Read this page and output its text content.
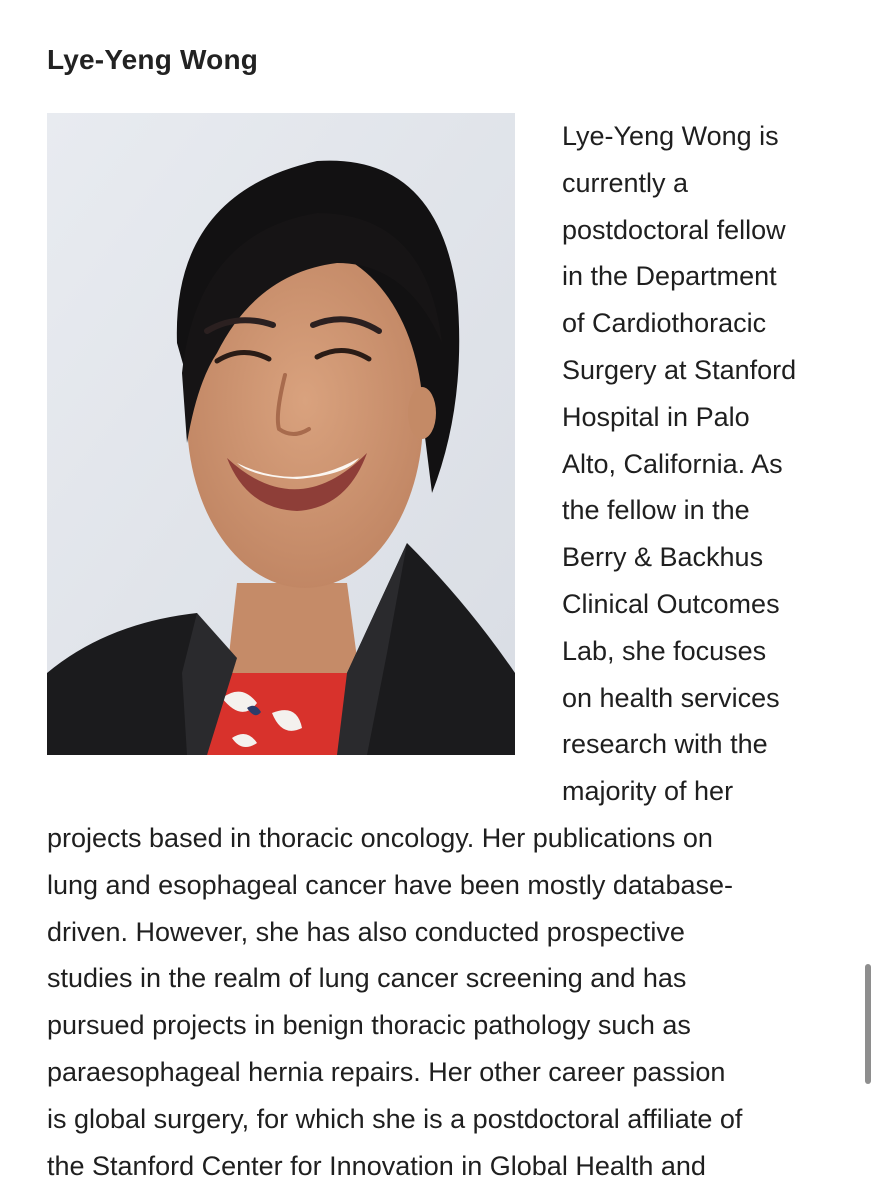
Lye-Yeng Wong
Lye-Yeng Wong is
currently a
postdoctoral fellow
in the Department
of Cardiothoracic
Surgery at Stanford
Hospital in Palo
Alto, California. As
the fellow in the
Berry & Backhus
Clinical Outcomes
Lab, she focuses
on health services
research with the
majority of her
projects based in thoracic oncology. Her publications on
lung and esophageal cancer have been mostly database-
driven. However, she has also conducted prospective
studies in the realm of lung cancer screening and has
pursued projects in benign thoracic pathology such as
paraesophageal hernia repairs. Her other career passion
is global surgery, for which she is a postdoctoral affiliate of
the Stanford Center for Innovation in Global Health and
